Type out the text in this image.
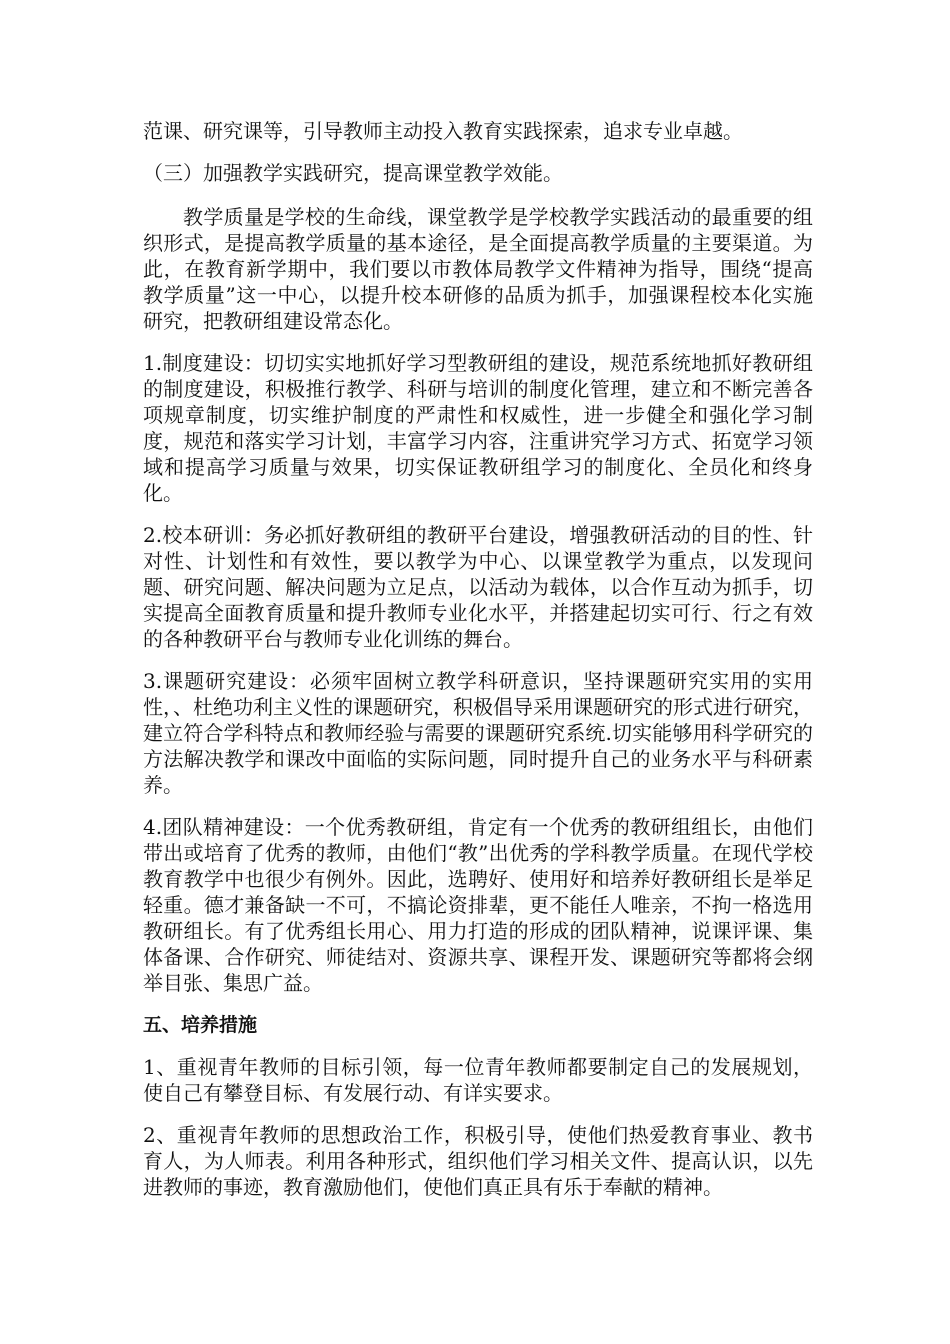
范课、研究课等，引导教师主动投入教育实践探索，追求专业卓越。

（三）加强教学实践研究，提高课堂教学效能。

教学质量是学校的生命线，课堂教学是学校教学实践活动的最重要的组织形式，是提高教学质量的基本途径，是全面提高教学质量的主要渠道。为此，在教育新学期中，我们要以市教体局教学文件精神为指导，围绕“提高教学质量”这一中心，以提升校本研修的品质为抓手，加强课程校本化实施研究，把教研组建设常态化。

1.制度建设：切切实实地抓好学习型教研组的建设，规范系统地抓好教研组的制度建设，积极推行教学、科研与培训的制度化管理，建立和不断完善各项规章制度，切实维护制度的严肃性和权威性，进一步健全和强化学习制度，规范和落实学习计划，丰富学习内容，注重讲究学习方式、拓宽学习领域和提高学习质量与效果，切实保证教研组学习的制度化、全员化和终身化。

2.校本研训：务必抓好教研组的教研平台建设，增强教研活动的目的性、针对性、计划性和有效性，要以教学为中心、以课堂教学为重点，以发现问题、研究问题、解决问题为立足点，以活动为载体，以合作互动为抓手，切实提高全面教育质量和提升教师专业化水平，并搭建起切实可行、行之有效的各种教研平台与教师专业化训练的舞台。

3.课题研究建设：必须牢固树立教学科研意识，坚持课题研究实用的实用性，、杜绝功利主义性的课题研究，积极倡导采用课题研究的形式进行研究，建立符合学科特点和教师经验与需要的课题研究系统.切实能够用科学研究的方法解决教学和课改中面临的实际问题，同时提升自己的业务水平与科研素养。

4.团队精神建设：一个优秀教研组，肯定有一个优秀的教研组组长，由他们带出或培育了优秀的教师，由他们“教”出优秀的学科教学质量。在现代学校教育教学中也很少有例外。因此，选聘好、使用好和培养好教研组长是举足轻重。德才兼备缺一不可，不搞论资排辈，更不能任人唯亲，不拘一格选用教研组长。有了优秀组长用心、用力打造的形成的团队精神，说课评课、集体备课、合作研究、师徒结对、资源共享、课程开发、课题研究等都将会纲举目张、集思广益。

五、培养措施

1、重视青年教师的目标引领，每一位青年教师都要制定自己的发展规划，使自己有攀登目标、有发展行动、有详实要求。

2、重视青年教师的思想政治工作，积极引导，使他们热爱教育事业、教书育人，为人师表。利用各种形式，组织他们学习相关文件、提高认识，以先进教师的事迹，教育激励他们，使他们真正具有乐于奉献的精神。
